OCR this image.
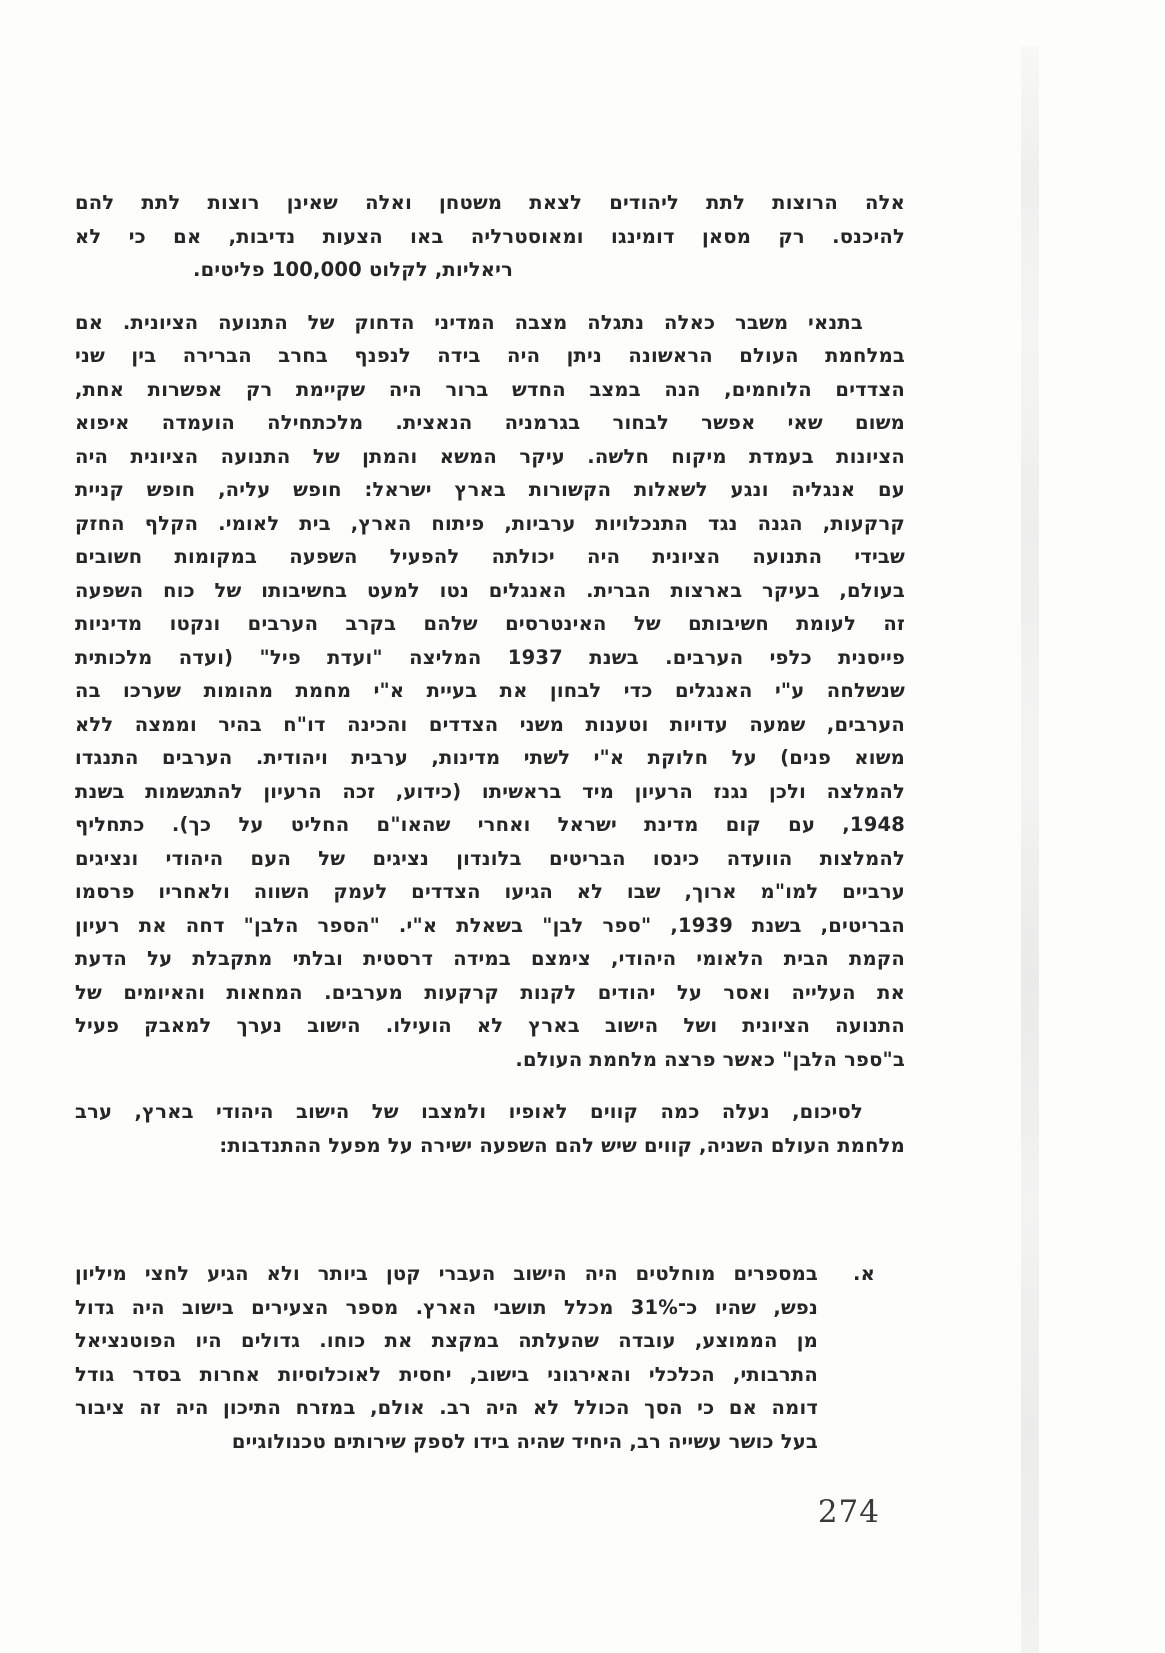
אלה הרוצות לתת ליהודים לצאת משטחן ואלה שאינן רוצות לתת להם
להיכנס. רק מסאן דומינגו ומאוסטרליה באו הצעות נדיבות, אם כי לא
ריאליות, לקלוט 100,000 פליטים.
בתנאי משבר כאלה נתגלה מצבה המדיני הדחוק של התנועה הציונית. אם
במלחמת העולם הראשונה ניתן היה בידה לנפנף בחרב הברירה בין שני
הצדדים הלוחמים, הנה במצב החדש ברור היה שקיימת רק אפשרות אחת,
משום שאי אפשר לבחור בגרמניה הנאצית. מלכתחילה הועמדה איפוא
הציונות בעמדת מיקוח חלשה. עיקר המשא והמתן של התנועה הציונית היה
עם אנגליה ונגע לשאלות הקשורות בארץ ישראל: חופש עליה, חופש קניית
קרקעות, הגנה נגד התנכלויות ערביות, פיתוח הארץ, בית לאומי. הקלף החזק
שבידי התנועה הציונית היה יכולתה להפעיל השפעה במקומות חשובים
בעולם, בעיקר בארצות הברית. האנגלים נטו למעט בחשיבותו של כוח השפעה
זה לעומת חשיבותם של האינטרסים שלהם בקרב הערבים ונקטו מדיניות
פייסנית כלפי הערבים. בשנת 1937 המליצה "ועדת פיל" (ועדה מלכותית
שנשלחה ע"י האנגלים כדי לבחון את בעיית א"י מחמת מהומות שערכו בה
הערבים, שמעה עדויות וטענות משני הצדדים והכינה דו"ח בהיר וממצה ללא
משוא פנים) על חלוקת א"י לשתי מדינות, ערבית ויהודית. הערבים התנגדו
להמלצה ולכן נגנז הרעיון מיד בראשיתו (כידוע, זכה הרעיון להתגשמות בשנת
1948, עם קום מדינת ישראל ואחרי שהאו"ם החליט על כך). כתחליף
להמלצות הוועדה כינסו הבריטים בלונדון נציגים של העם היהודי ונציגים
ערביים למו"מ ארוך, שבו לא הגיעו הצדדים לעמק השווה ולאחריו פרסמו
הבריטים, בשנת 1939, "ספר לבן" בשאלת א"י. "הספר הלבן" דחה את רעיון
הקמת הבית הלאומי היהודי, צימצם במידה דרסטית ובלתי מתקבלת על הדעת
את העלייה ואסר על יהודים לקנות קרקעות מערבים. המחאות והאיומים של
התנועה הציונית ושל הישוב בארץ לא הועילו. הישוב נערך למאבק פעיל
ב"ספר הלבן" כאשר פרצה מלחמת העולם.
לסיכום, נעלה כמה קווים לאופיו ולמצבו של הישוב היהודי בארץ, ערב
מלחמת העולם השניה, קווים שיש להם השפעה ישירה על מפעל ההתנדבות:
א.
במספרים מוחלטים היה הישוב העברי קטן ביותר ולא הגיע לחצי מיליון
נפש, שהיו כ־31% מכלל תושבי הארץ. מספר הצעירים בישוב היה גדול
מן הממוצע, עובדה שהעלתה במקצת את כוחו. גדולים היו הפוטנציאל
התרבותי, הכלכלי והאירגוני בישוב, יחסית לאוכלוסיות אחרות בסדר גודל
דומה אם כי הסך הכולל לא היה רב. אולם, במזרח התיכון היה זה ציבור
בעל כושר עשייה רב, היחיד שהיה בידו לספק שירותים טכנולוגיים
274
